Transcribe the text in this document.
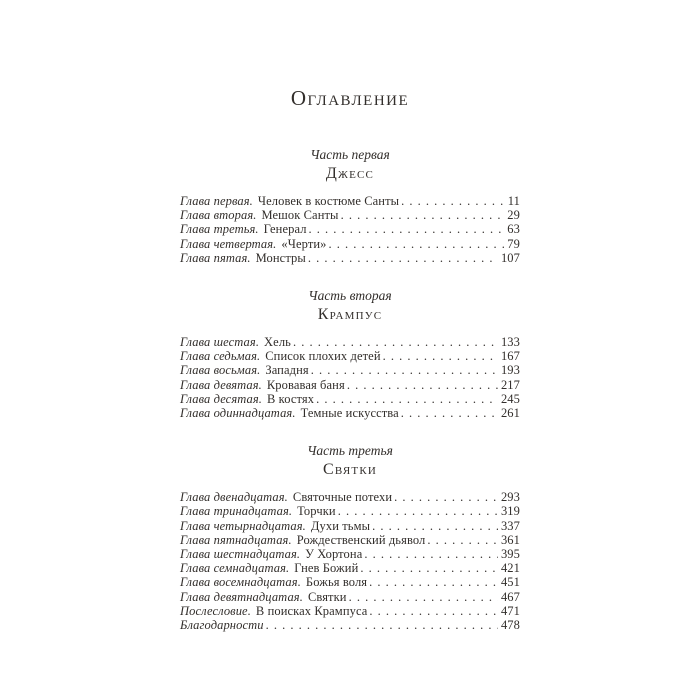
Оглавление
Часть первая
Джесс
Глава первая. Человек в костюме Санты . . .	11
Глава вторая. Мешок Санты . . .	29
Глава третья. Генерал . . .	63
Глава четвертая. «Черти» . . .	79
Глава пятая. Монстры . . .	107
Часть вторая
Крампус
Глава шестая. Хель . . .	133
Глава седьмая. Список плохих детей . . .	167
Глава восьмая. Западня . . .	193
Глава девятая. Кровавая баня . . .	217
Глава десятая. В костях . . .	245
Глава одиннадцатая. Темные искусства . . .	261
Часть третья
Святки
Глава двенадцатая. Святочные потехи . . .	293
Глава тринадцатая. Торчки . . .	319
Глава четырнадцатая. Духи тьмы . . .	337
Глава пятнадцатая. Рождественский дьявол . . .	361
Глава шестнадцатая. У Хортона . . .	395
Глава семнадцатая. Гнев Божий . . .	421
Глава восемнадцатая. Божья воля . . .	451
Глава девятнадцатая. Святки . . .	467
Послесловие. В поисках Крампуса . . .	471
Благодарности . . .	478
